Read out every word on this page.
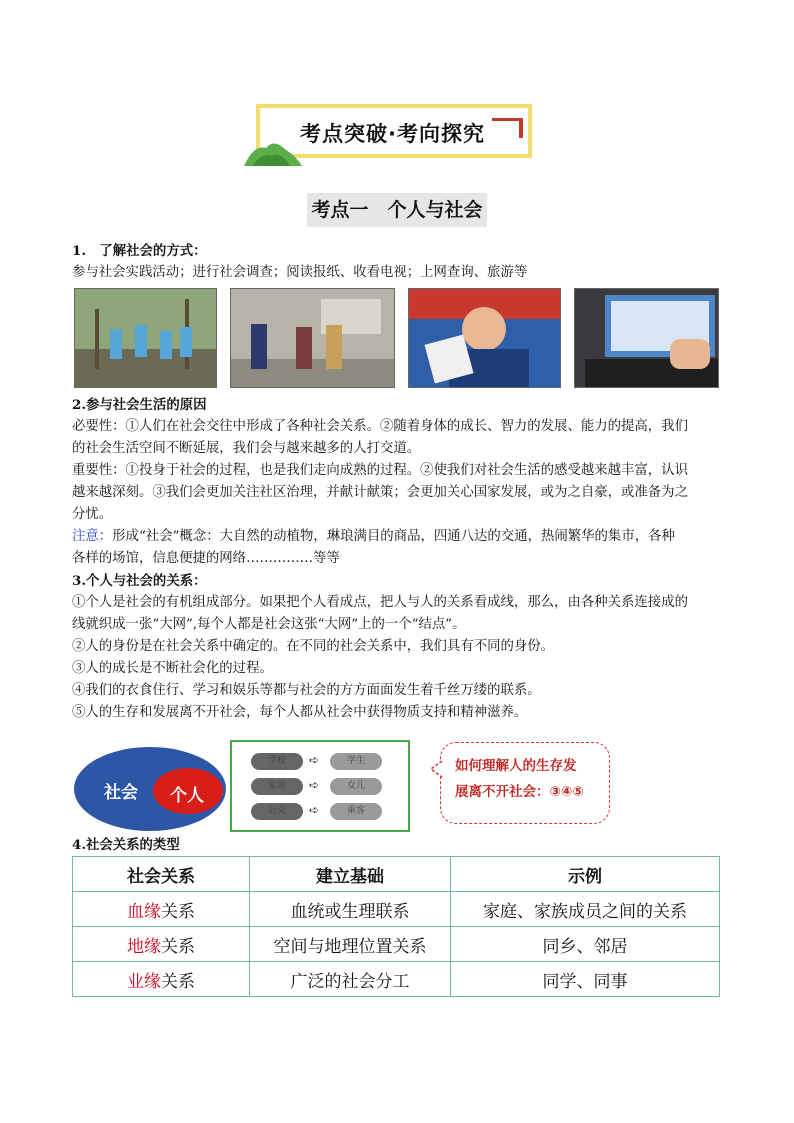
考点突破·考向探究
考点一　个人与社会
1.　了解社会的方式：
参与社会实践活动；进行社会调查；阅读报纸、收看电视；上网查询、旅游等
2.参与社会生活的原因
必要性：①人们在社会交往中形成了各种社会关系。②随着身体的成长、智力的发展、能力的提高，我们
的社会生活空间不断延展，我们会与越来越多的人打交道。
重要性：①投身于社会的过程，也是我们走向成熟的过程。②使我们对社会生活的感受越来越丰富，认识
越来越深刻。③我们会更加关注社区治理，并献计献策；会更加关心国家发展，或为之自豪，或准备为之
分忧。
注意：形成“社会”概念：大自然的动植物，琳琅满目的商品，四通八达的交通，热闹繁华的集市，各种
各样的场馆，信息便捷的网络……………等等
3.个人与社会的关系：
①个人是社会的有机组成部分。如果把个人看成点，把人与人的关系看成线，那么，由各种关系连接成的
线就织成一张“大网”,每个人都是社会这张“大网”上的一个“结点”。
②人的身份是在社会关系中确定的。在不同的社会关系中，我们具有不同的身份。
③人的成长是不断社会化的过程。
④我们的衣食住行、学习和娱乐等都与社会的方方面面发生着千丝万缕的联系。
⑤人的生存和发展离不开社会，每个人都从社会中获得物质支持和精神滋养。
社会 个人
学校	➪	学生
家庭	➪	女儿
公交	➪	乘客
如何理解人的生存发
展离不开社会：③④⑤
4.社会关系的类型
社会关系	建立基础	示例
血缘关系	血统或生理联系	家庭、家族成员之间的关系
地缘关系	空间与地理位置关系	同乡、邻居
业缘关系	广泛的社会分工	同学、同事
